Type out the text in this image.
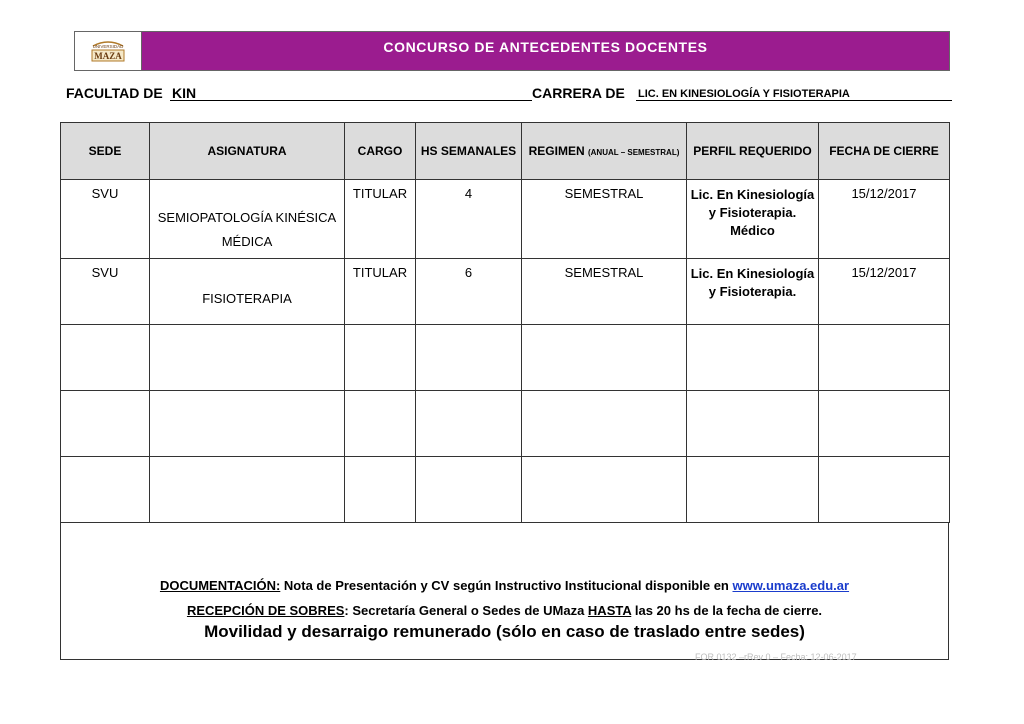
UNIVERSIDAD
MAZA
CONCURSO DE ANTECEDENTES DOCENTES
FACULTAD DE KIN	CARRERA DE LIC. EN KINESIOLOGÍA Y FISIOTERAPIA
SEDE	ASIGNATURA	CARGO	HS SEMANALES	REGIMEN (ANUAL – SEMESTRAL)	PERFIL REQUERIDO	FECHA DE CIERRE
SVU	SEMIOPATOLOGÍA KINÉSICA MÉDICA	TITULAR	4	SEMESTRAL	Lic. En Kinesiología y Fisioterapia. Médico	15/12/2017
SVU	FISIOTERAPIA	TITULAR	6	SEMESTRAL	Lic. En Kinesiología y Fisioterapia.	15/12/2017

DOCUMENTACIÓN: Nota de Presentación y CV según Instructivo Institucional disponible en www.umaza.edu.ar
RECEPCIÓN DE SOBRES: Secretaría General o Sedes de UMaza HASTA las 20 hs de la fecha de cierre.
Movilidad y desarraigo remunerado (sólo en caso de traslado entre sedes)
FOR 0132 –rRev 0 – Fecha: 12-06-2017
